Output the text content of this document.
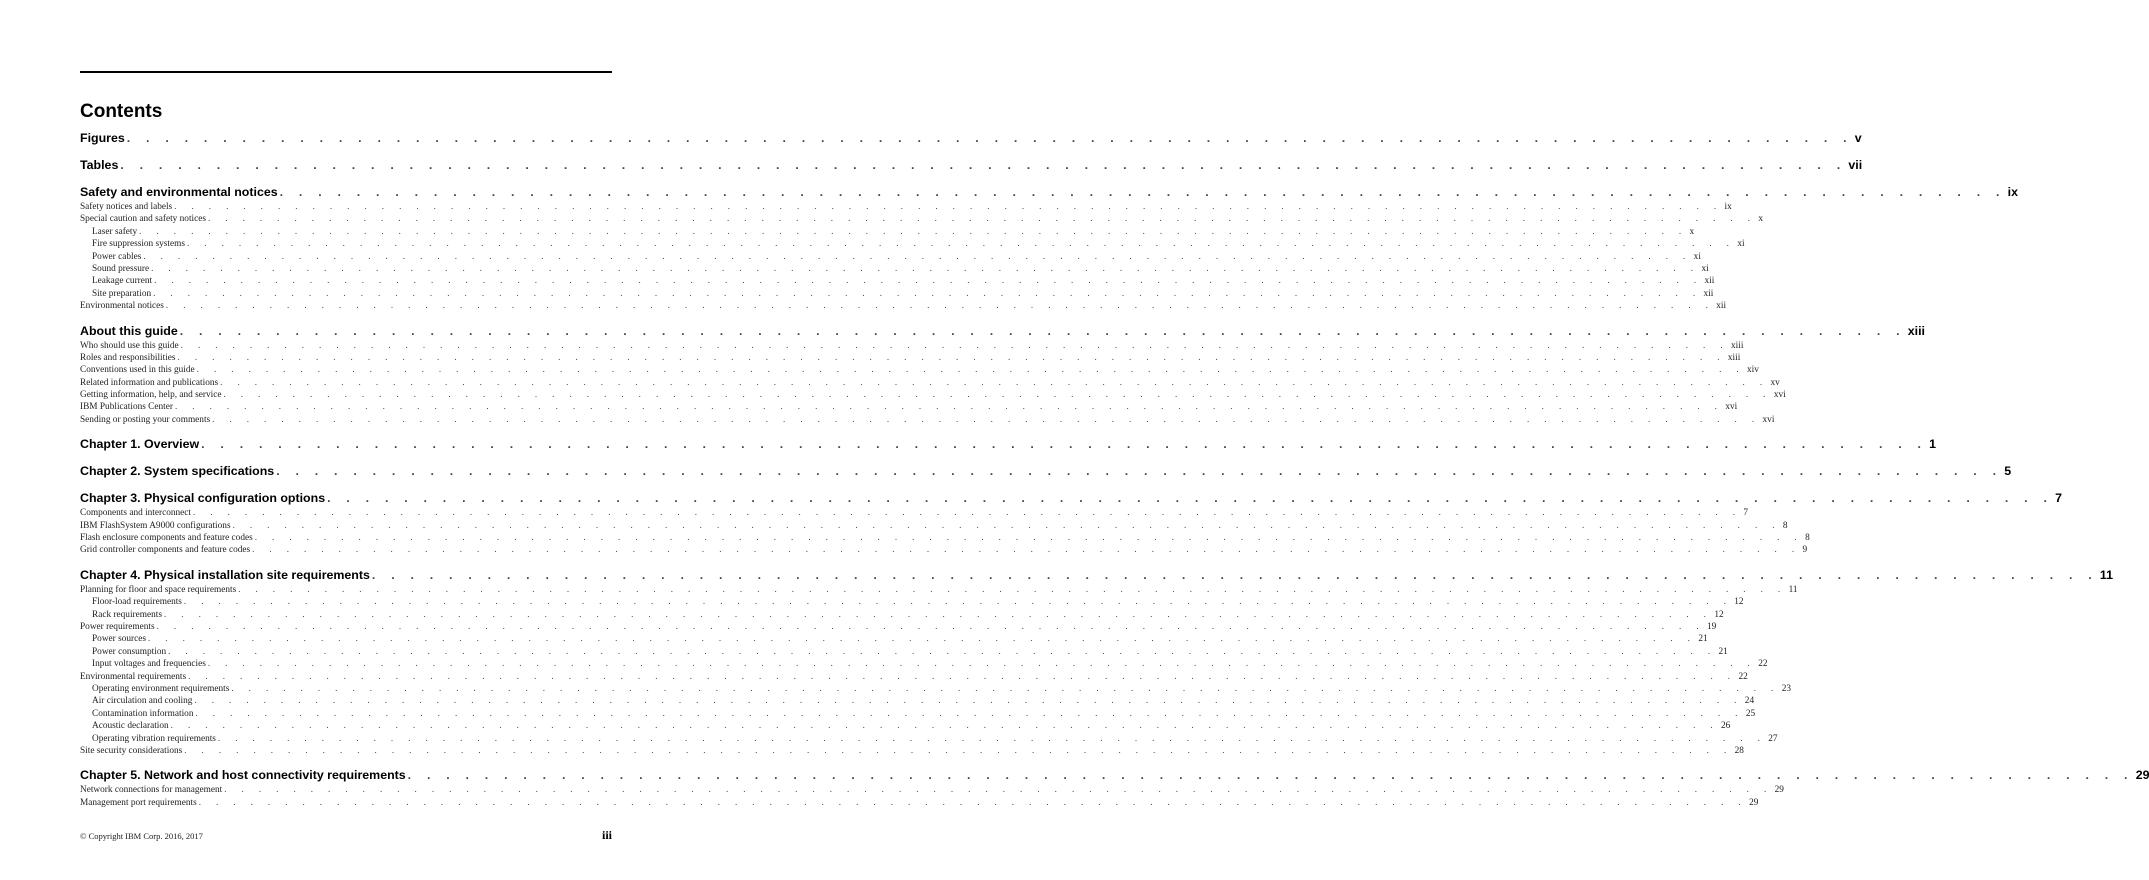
Contents
Figures . . . . . . . . . . . . . . . . . . . . . . . . . . . . . . . . . . . . . . . . . . . . . . . . . . . . . . . . . . . . . . . . . . . . . . . . . . . . . . . . . . . . . . . . . . v
Tables . . . . . . . . . . . . . . . . . . . . . . . . . . . . . . . . . . . . . . . . . . . . . . . . . . . . . . . . . . . . . . . . . . . . . . . . . . . . . . . . . . . . . . . . . . vii
Safety and environmental notices . . . . . . . . . . . . . . . . . . . . . . . . . . . . . . . . . . . . . . . . . . . . . . . . . . . . . . . . . . . . . . . . . . . . . . . . . . . . . . . . . . . . . . . . . . ix
Safety notices and labels . . . . . . . . . . . . . . . . . . . . . . . . . . . . . . . . . . . . . . . . . . . . . . . . . . . . . . . . . . . . . . . . . . . . . . . . . . . . . . . . . . . . . . . . . . ix
Special caution and safety notices . . . . . . . . . . . . . . . . . . . . . . . . . . . . . . . . . . . . . . . . . . . . . . . . . . . . . . . . . . . . . . . . . . . . . . . . . . . . . . . . . . . . . . . . . . x
Laser safety . . . . . . . . . . . . . . . . . . . . . . . . . . . . . . . . . . . . . . . . . . . . . . . . . . . . . . . . . . . . . . . . . . . . . . . . . . . . . . . . . . . . . . . . . . x
Fire suppression systems . . . . . . . . . . . . . . . . . . . . . . . . . . . . . . . . . . . . . . . . . . . . . . . . . . . . . . . . . . . . . . . . . . . . . . . . . . . . . . . . . . . . . . . . . . xi
Power cables . . . . . . . . . . . . . . . . . . . . . . . . . . . . . . . . . . . . . . . . . . . . . . . . . . . . . . . . . . . . . . . . . . . . . . . . . . . . . . . . . . . . . . . . . . xi
Sound pressure . . . . . . . . . . . . . . . . . . . . . . . . . . . . . . . . . . . . . . . . . . . . . . . . . . . . . . . . . . . . . . . . . . . . . . . . . . . . . . . . . . . . . . . . . . xi
Leakage current . . . . . . . . . . . . . . . . . . . . . . . . . . . . . . . . . . . . . . . . . . . . . . . . . . . . . . . . . . . . . . . . . . . . . . . . . . . . . . . . . . . . . . . . . . xii
Site preparation . . . . . . . . . . . . . . . . . . . . . . . . . . . . . . . . . . . . . . . . . . . . . . . . . . . . . . . . . . . . . . . . . . . . . . . . . . . . . . . . . . . . . . . . . . xii
Environmental notices . . . . . . . . . . . . . . . . . . . . . . . . . . . . . . . . . . . . . . . . . . . . . . . . . . . . . . . . . . . . . . . . . . . . . . . . . . . . . . . . . . . . . . . . . . xii
About this guide . . . . . . . . . . . . . . . . . . . . . . . . . . . . . . . . . . . . . . . . . . . . . . . . . . . . . . . . . . . . . . . . . . . . . . . . . . . . . . . . . . . . . . . . . . xiii
Who should use this guide . . . . . . . . . . . . . . . . . . . . . . . . . . . . . . . . . . . . . . . . . . . . . . . . . . . . . . . . . . . . . . . . . . . . . . . . . . . . . . . . . . . . . . . . . . xiii
Roles and responsibilities . . . . . . . . . . . . . . . . . . . . . . . . . . . . . . . . . . . . . . . . . . . . . . . . . . . . . . . . . . . . . . . . . . . . . . . . . . . . . . . . . . . . . . . . . . xiii
Conventions used in this guide . . . . . . . . . . . . . . . . . . . . . . . . . . . . . . . . . . . . . . . . . . . . . . . . . . . . . . . . . . . . . . . . . . . . . . . . . . . . . . . . . . . . . . . . . . xiv
Related information and publications . . . . . . . . . . . . . . . . . . . . . . . . . . . . . . . . . . . . . . . . . . . . . . . . . . . . . . . . . . . . . . . . . . . . . . . . . . . . . . . . . . . . . . . . . . xv
Getting information, help, and service . . . . . . . . . . . . . . . . . . . . . . . . . . . . . . . . . . . . . . . . . . . . . . . . . . . . . . . . . . . . . . . . . . . . . . . . . . . . . . . . . . . . . . . . . . xvi
IBM Publications Center . . . . . . . . . . . . . . . . . . . . . . . . . . . . . . . . . . . . . . . . . . . . . . . . . . . . . . . . . . . . . . . . . . . . . . . . . . . . . . . . . . . . . . . . . . xvi
Sending or posting your comments . . . . . . . . . . . . . . . . . . . . . . . . . . . . . . . . . . . . . . . . . . . . . . . . . . . . . . . . . . . . . . . . . . . . . . . . . . . . . . . . . . . . . . . . . . xvi
Chapter 1. Overview . . . . . . . . . . . . . . . . . . . . . . . . . . . . . . . . . . . . . . . . . . . . . . . . . . . . . . . . . . . . . . . . . . . . . . . . . . . . . . . . . . . . . . . . . . 1
Chapter 2. System specifications . . . . . . . . . . . . . . . . . . . . . . . . . . . . . . . . . . . . . . . . . . . . . . . . . . . . . . . . . . . . . . . . . . . . . . . . . . . . . . . . . . . . . . . . . . 5
Chapter 3. Physical configuration options . . . . . . . . . . . . . . . . . . . . . . . . . . . . . . . . . . . . . . . . . . . . . . . . . . . . . . . . . . . . . . . . . . . . . . . . . . . . . . . . . . . . . . . . . . 7
Components and interconnect . . . . . . . . . . . . . . . . . . . . . . . . . . . . . . . . . . . . . . . . . . . . . . . . . . . . . . . . . . . . . . . . . . . . . . . . . . . . . . . . . . . . . . . . . . 7
IBM FlashSystem A9000 configurations . . . . . . . . . . . . . . . . . . . . . . . . . . . . . . . . . . . . . . . . . . . . . . . . . . . . . . . . . . . . . . . . . . . . . . . . . . . . . . . . . . . . . . . . . . 8
Flash enclosure components and feature codes . . . . . . . . . . . . . . . . . . . . . . . . . . . . . . . . . . . . . . . . . . . . . . . . . . . . . . . . . . . . . . . . . . . . . . . . . . . . . . . . . . . . . . . . . . 8
Grid controller components and feature codes . . . . . . . . . . . . . . . . . . . . . . . . . . . . . . . . . . . . . . . . . . . . . . . . . . . . . . . . . . . . . . . . . . . . . . . . . . . . . . . . . . . . . . . . . . 9
Chapter 4. Physical installation site requirements . . . . . . . . . . . . . . . . . . . . . . . . . . . . . . . . . . . . . . . . . . . . . . . . . . . . . . . . . . . . . . . . . . . . . . . . . . . . . . . . . . . . . . . . . . 11
Planning for floor and space requirements . . . . . . . . . . . . . . . . . . . . . . . . . . . . . . . . . . . . . . . . . . . . . . . . . . . . . . . . . . . . . . . . . . . . . . . . . . . . . . . . . . . . . . . . . . 11
Floor-load requirements . . . . . . . . . . . . . . . . . . . . . . . . . . . . . . . . . . . . . . . . . . . . . . . . . . . . . . . . . . . . . . . . . . . . . . . . . . . . . . . . . . . . . . . . . . 12
Rack requirements . . . . . . . . . . . . . . . . . . . . . . . . . . . . . . . . . . . . . . . . . . . . . . . . . . . . . . . . . . . . . . . . . . . . . . . . . . . . . . . . . . . . . . . . . . 12
Power requirements . . . . . . . . . . . . . . . . . . . . . . . . . . . . . . . . . . . . . . . . . . . . . . . . . . . . . . . . . . . . . . . . . . . . . . . . . . . . . . . . . . . . . . . . . . 19
Power sources . . . . . . . . . . . . . . . . . . . . . . . . . . . . . . . . . . . . . . . . . . . . . . . . . . . . . . . . . . . . . . . . . . . . . . . . . . . . . . . . . . . . . . . . . . 21
Power consumption . . . . . . . . . . . . . . . . . . . . . . . . . . . . . . . . . . . . . . . . . . . . . . . . . . . . . . . . . . . . . . . . . . . . . . . . . . . . . . . . . . . . . . . . . . 21
Input voltages and frequencies . . . . . . . . . . . . . . . . . . . . . . . . . . . . . . . . . . . . . . . . . . . . . . . . . . . . . . . . . . . . . . . . . . . . . . . . . . . . . . . . . . . . . . . . . . 22
Environmental requirements . . . . . . . . . . . . . . . . . . . . . . . . . . . . . . . . . . . . . . . . . . . . . . . . . . . . . . . . . . . . . . . . . . . . . . . . . . . . . . . . . . . . . . . . . . 22
Operating environment requirements . . . . . . . . . . . . . . . . . . . . . . . . . . . . . . . . . . . . . . . . . . . . . . . . . . . . . . . . . . . . . . . . . . . . . . . . . . . . . . . . . . . . . . . . . . 23
Air circulation and cooling . . . . . . . . . . . . . . . . . . . . . . . . . . . . . . . . . . . . . . . . . . . . . . . . . . . . . . . . . . . . . . . . . . . . . . . . . . . . . . . . . . . . . . . . . . 24
Contamination information . . . . . . . . . . . . . . . . . . . . . . . . . . . . . . . . . . . . . . . . . . . . . . . . . . . . . . . . . . . . . . . . . . . . . . . . . . . . . . . . . . . . . . . . . . 25
Acoustic declaration . . . . . . . . . . . . . . . . . . . . . . . . . . . . . . . . . . . . . . . . . . . . . . . . . . . . . . . . . . . . . . . . . . . . . . . . . . . . . . . . . . . . . . . . . . 26
Operating vibration requirements . . . . . . . . . . . . . . . . . . . . . . . . . . . . . . . . . . . . . . . . . . . . . . . . . . . . . . . . . . . . . . . . . . . . . . . . . . . . . . . . . . . . . . . . . . 27
Site security considerations . . . . . . . . . . . . . . . . . . . . . . . . . . . . . . . . . . . . . . . . . . . . . . . . . . . . . . . . . . . . . . . . . . . . . . . . . . . . . . . . . . . . . . . . . . 28
Chapter 5. Network and host connectivity requirements . . . . . . . . . . . . . . . . . . . . . . . . . . . . . . . . . . . . . . . . . . . . . . . . . . . . . . . . . . . . . . . . . . . . . . . . . . . . . . . . . . . . . . . . . . 29
Network connections for management . . . . . . . . . . . . . . . . . . . . . . . . . . . . . . . . . . . . . . . . . . . . . . . . . . . . . . . . . . . . . . . . . . . . . . . . . . . . . . . . . . . . . . . . . . 29
Management port requirements . . . . . . . . . . . . . . . . . . . . . . . . . . . . . . . . . . . . . . . . . . . . . . . . . . . . . . . . . . . . . . . . . . . . . . . . . . . . . . . . . . . . . . . . . . 29
© Copyright IBM Corp. 2016, 2017	iii
